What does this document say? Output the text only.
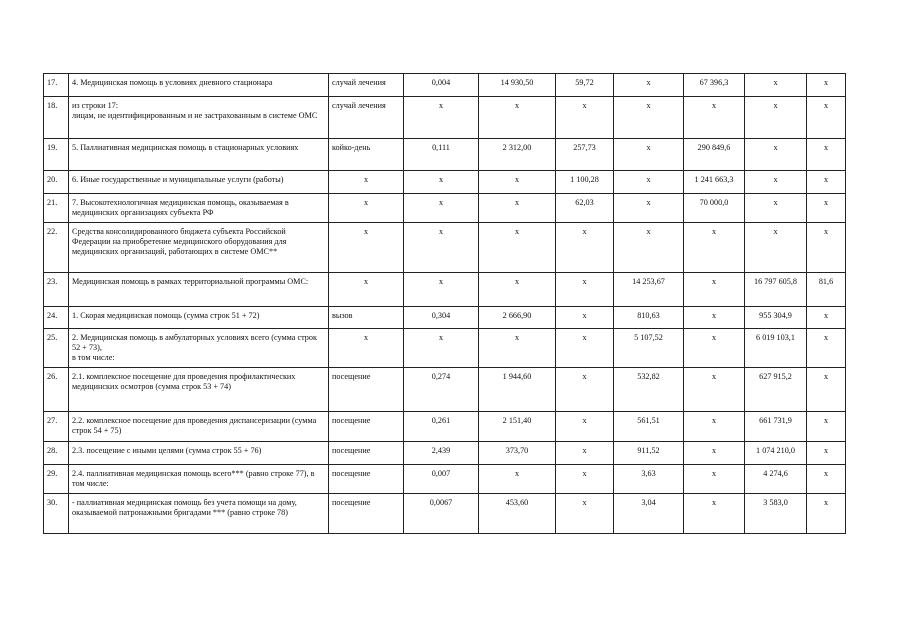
17.	4. Медицинская помощь в условиях дневного стационара	случай лечения	0,004	14 930,50	59,72	х	67 396,3	х	х
18.	из строки 17:
лицам, не идентифицированным и не застрахованным в системе ОМС	случай лечения	х	х	х	х	х	х	х
19.	5. Паллиативная медицинская помощь в стационарных условиях	койко-день	0,111	2 312,00	257,73	х	290 849,6	х	х
20.	6. Иные государственные и муниципальные услуги (работы)	х	х	х	1 100,28	х	1 241 663,3	х	х
21.	7. Высокотехнологичная медицинская помощь, оказываемая в медицинских организациях субъекта РФ	х	х	х	62,03	х	70 000,0	х	х
22.	Средства консолидированного бюджета субъекта Российской Федерации на приобретение медицинского оборудования для медицинских организаций, работающих в системе ОМС**	х	х	х	х	х	х	х	х
23.	Медицинская помощь в рамках территориальной программы ОМС:	х	х	х	х	14 253,67	х	16 797 605,8	81,6
24.	1. Скорая медицинская помощь (сумма строк 51 + 72)	вызов	0,304	2 666,90	х	810,63	х	955 304,9	х
25.	2. Медицинская помощь в амбулаторных условиях всего (сумма строк 52 + 73),
в том числе:	х	х	х	х	5 107,52	х	6 019 103,1	х
26.	2.1. комплексное посещение для проведения профилактических медицинских осмотров (сумма строк 53 + 74)	посещение	0,274	1 944,60	х	532,82	х	627 915,2	х
27.	2.2. комплексное посещение для проведения диспансеризации (сумма строк 54 + 75)	посещение	0,261	2 151,40	х	561,51	х	661 731,9	х
28.	2.3. посещение с иными целями (сумма строк 55 + 76)	посещение	2,439	373,70	х	911,52	х	1 074 210,0	х
29.	2.4. паллиативная медицинская помощь всего*** (равно строке 77), в том числе:	посещение	0,007	х	х	3,63	х	4 274,6	х
30.	- паллиативная медицинская помощь без учета помощи на дому, оказываемой патронажными бригадами *** (равно строке 78)	посещение	0,0067	453,60	х	3,04	х	3 583,0	х
